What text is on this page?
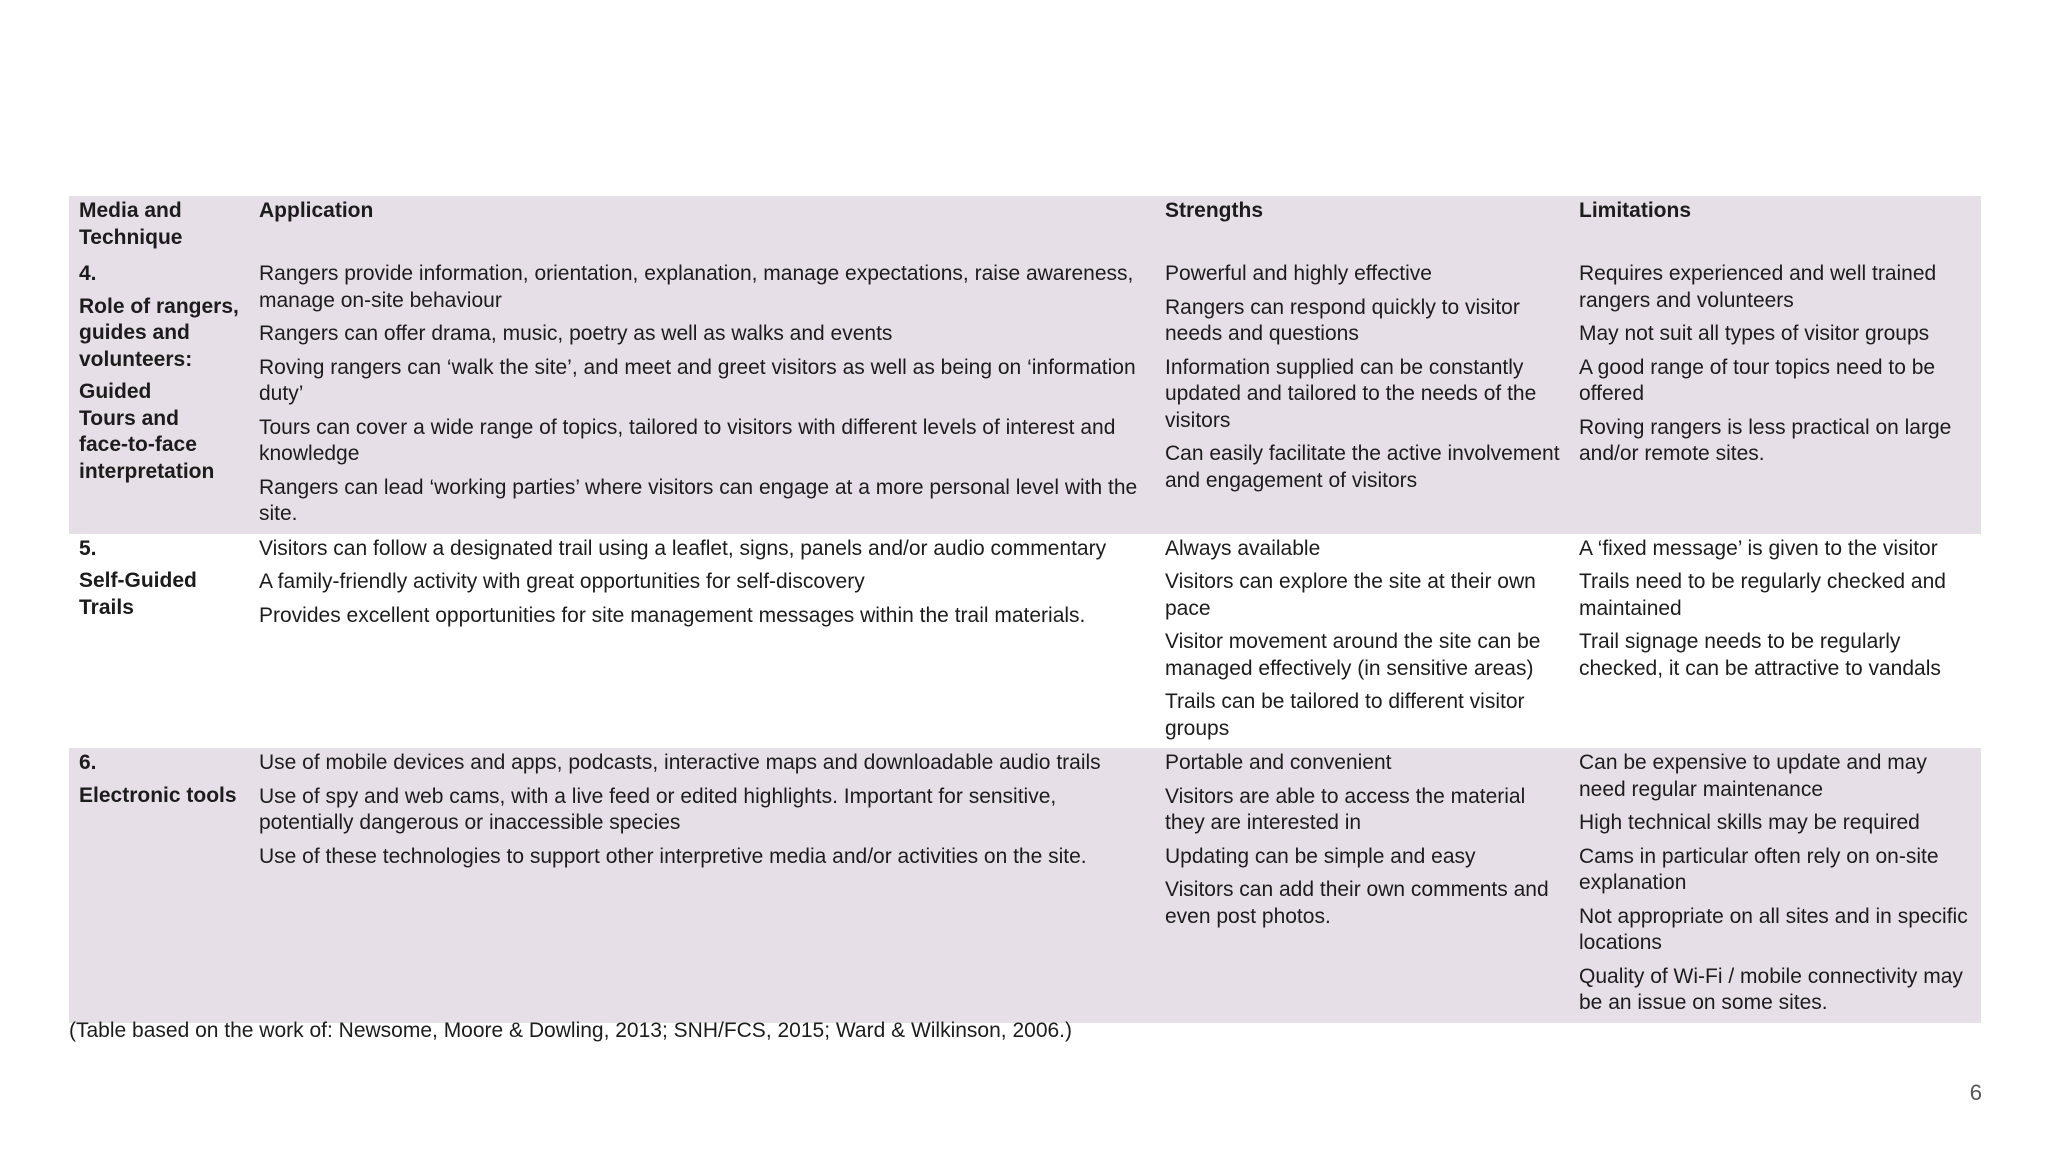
Media and
Technique
Application	Strengths	Limitations
4.
Role of rangers,
guides and
volunteers:
Guided
Tours and
face-to-face
interpretation

Rangers provide information, orientation, explanation, manage expectations, raise awareness, manage on-site behaviour

Rangers can offer drama, music, poetry as well as walks and events

Roving rangers can ‘walk the site’, and meet and greet visitors as well as being on ‘information duty’

Tours can cover a wide range of topics, tailored to visitors with different levels of interest and knowledge

Rangers can lead ‘working parties’ where visitors can engage at a more personal level with the site.

Powerful and highly effective

Rangers can respond quickly to visitor needs and questions

Information supplied can be constantly updated and tailored to the needs of the visitors

Can easily facilitate the active involvement and engagement of visitors

Requires experienced and well trained rangers and volunteers

May not suit all types of visitor groups

A good range of tour topics need to be offered

Roving rangers is less practical on large and/or remote sites.

5.
Self-Guided
Trails

Visitors can follow a designated trail using a leaflet, signs, panels and/or audio commentary

A family-friendly activity with great opportunities for self-discovery

Provides excellent opportunities for site management messages within the trail materials.

Always available

Visitors can explore the site at their own pace

Visitor movement around the site can be managed effectively (in sensitive areas)

Trails can be tailored to different visitor groups

A ‘fixed message’ is given to the visitor

Trails need to be regularly checked and maintained

Trail signage needs to be regularly checked, it can be attractive to vandals

6.
Electronic tools

Use of mobile devices and apps, podcasts, interactive maps and downloadable audio trails

Use of spy and web cams, with a live feed or edited highlights. Important for sensitive, potentially dangerous or inaccessible species

Use of these technologies to support other interpretive media and/or activities on the site.

Portable and convenient

Visitors are able to access the material they are interested in

Updating can be simple and easy

Visitors can add their own comments and even post photos.

Can be expensive to update and may need regular maintenance

High technical skills may be required

Cams in particular often rely on on-site explanation

Not appropriate on all sites and in specific locations

Quality of Wi-Fi / mobile connectivity may be an issue on some sites.

(Table based on the work of: Newsome, Moore & Dowling, 2013; SNH/FCS, 2015; Ward & Wilkinson, 2006.)
6
